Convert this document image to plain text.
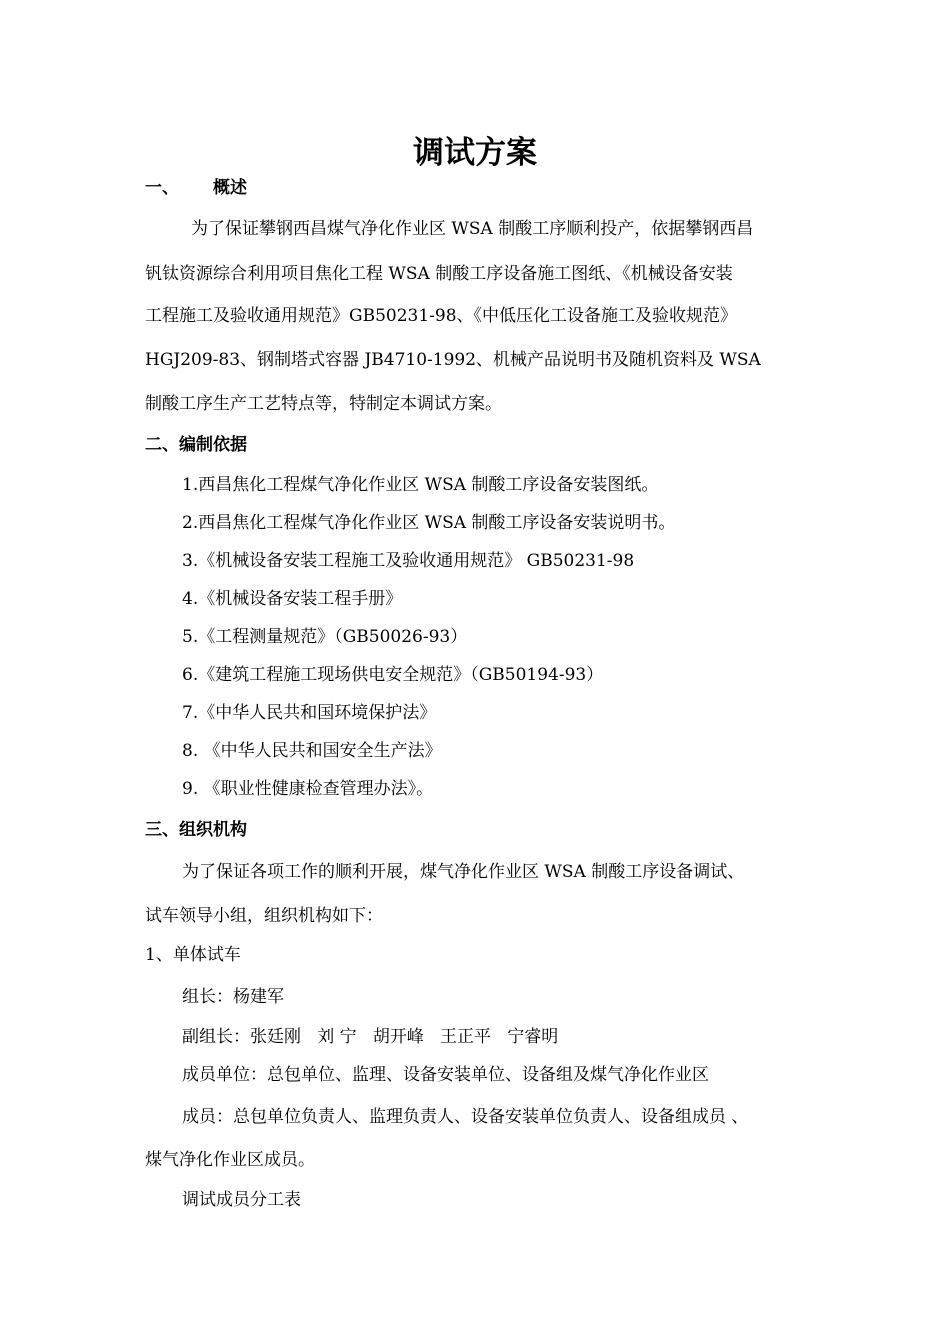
调试方案
一、 概述
为了保证攀钢西昌煤气净化作业区 WSA 制酸工序顺利投产，依据攀钢西昌
钒钛资源综合利用项目焦化工程 WSA 制酸工序设备施工图纸、《机械设备安装
工程施工及验收通用规范》GB50231-98、《中低压化工设备施工及验收规范》
HGJ209-83、钢制塔式容器 JB4710-1992、机械产品说明书及随机资料及 WSA
制酸工序生产工艺特点等，特制定本调试方案。
二、编制依据
1.西昌焦化工程煤气净化作业区 WSA 制酸工序设备安装图纸。
2.西昌焦化工程煤气净化作业区 WSA 制酸工序设备安装说明书。
3.《机械设备安装工程施工及验收通用规范》 GB50231-98
4.《机械设备安装工程手册》
5.《工程测量规范》（GB50026-93）
6.《建筑工程施工现场供电安全规范》（GB50194-93）
7.《中华人民共和国环境保护法》
8. 《中华人民共和国安全生产法》
9. 《职业性健康检查管理办法》。
三、组织机构
为了保证各项工作的顺利开展，煤气净化作业区 WSA 制酸工序设备调试、
试车领导小组，组织机构如下：
1、单体试车
组长：杨建军
副组长：张廷刚   刘 宁   胡开峰   王正平   宁睿明
成员单位：总包单位、监理、设备安装单位、设备组及煤气净化作业区
成员：总包单位负责人、监理负责人、设备安装单位负责人、设备组成员 、
煤气净化作业区成员。
调试成员分工表
